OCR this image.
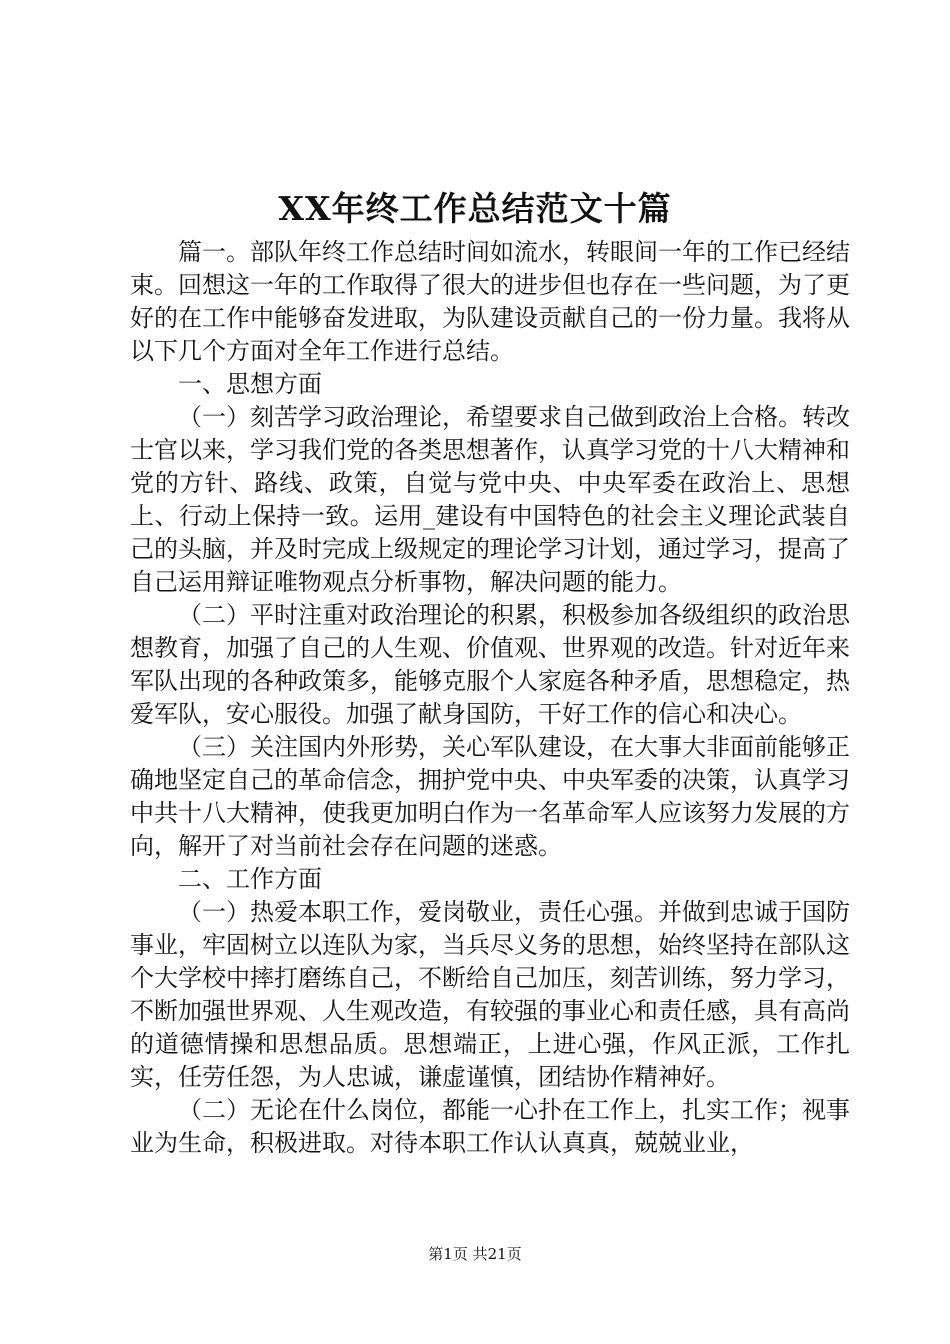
XX年终工作总结范文十篇

篇一。部队年终工作总结时间如流水，转眼间一年的工作已经结束。回想这一年的工作取得了很大的进步但也存在一些问题，为了更好的在工作中能够奋发进取，为队建设贡献自己的一份力量。我将从以下几个方面对全年工作进行总结。

一、思想方面

（一）刻苦学习政治理论，希望要求自己做到政治上合格。转改士官以来，学习我们党的各类思想著作，认真学习党的十八大精神和党的方针、路线、政策，自觉与党中央、中央军委在政治上、思想上、行动上保持一致。运用_建设有中国特色的社会主义理论武装自己的头脑，并及时完成上级规定的理论学习计划，通过学习，提高了自己运用辩证唯物观点分析事物，解决问题的能力。

（二）平时注重对政治理论的积累，积极参加各级组织的政治思想教育，加强了自己的人生观、价值观、世界观的改造。针对近年来军队出现的各种政策多，能够克服个人家庭各种矛盾，思想稳定，热爱军队，安心服役。加强了献身国防，干好工作的信心和决心。

（三）关注国内外形势，关心军队建设，在大事大非面前能够正确地坚定自己的革命信念，拥护党中央、中央军委的决策，认真学习中共十八大精神，使我更加明白作为一名革命军人应该努力发展的方向，解开了对当前社会存在问题的迷惑。

二、工作方面

（一）热爱本职工作，爱岗敬业，责任心强。并做到忠诚于国防事业，牢固树立以连队为家，当兵尽义务的思想，始终坚持在部队这个大学校中摔打磨练自己，不断给自己加压，刻苦训练，努力学习，不断加强世界观、人生观改造，有较强的事业心和责任感，具有高尚的道德情操和思想品质。思想端正，上进心强，作风正派，工作扎实，任劳任怨，为人忠诚，谦虚谨慎，团结协作精神好。

（二）无论在什么岗位，都能一心扑在工作上，扎实工作；视事业为生命，积极进取。对待本职工作认认真真，兢兢业业，

第1页 共21页
